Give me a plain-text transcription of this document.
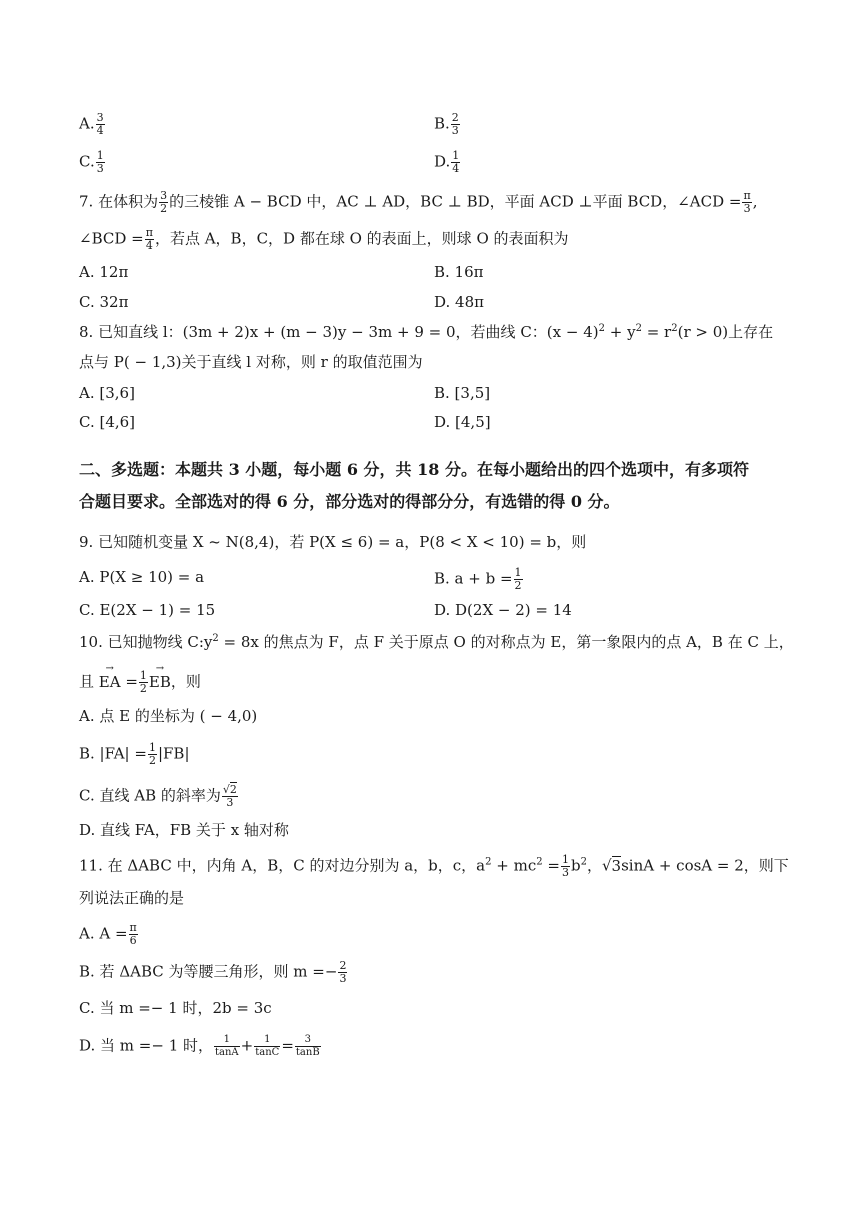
A. $\frac{3}{4}$	B. $\frac{2}{3}$
C. $\frac{1}{3}$	D. $\frac{1}{4}$
7. 在体积为 $\frac{3}{2}$ 的三棱锥 A − BCD 中，AC ⊥ AD，BC ⊥ BD，平面 ACD ⊥平面 BCD，∠ACD = $\frac{\pi}{3}$ ,
∠BCD = $\frac{\pi}{4}$ ，若点 A，B，C，D 都在球 O 的表面上，则球 O 的表面积为
A. 12π	B. 16π
C. 32π	D. 48π
8. 已知直线 l：(3m + 2)x + (m − 3)y − 3m + 9 = 0，若曲线 C：$(x - 4)^2 + y^2 = r^2(r > 0)$上存在
点与 P( − 1,3)关于直线 l 对称，则 r 的取值范围为
A. [3,6]	B. [3,5]
C. [4,6]	D. [4,5]
二、多选题：本题共 3 小题，每小题 6 分，共 18 分。在每小题给出的四个选项中，有多项符
合题目要求。全部选对的得 6 分，部分选对的得部分分，有选错的得 0 分。
9. 已知随机变量 X ~ N(8,4)，若 P(X ≤ 6) = a，P(8 < X < 10) = b，则
A. P(X ≥ 10) = a	B. $a + b = \frac{1}{2}$
C. E(2X − 1) = 15	D. D(2X − 2) = 14
10. 已知抛物线 $C:y^2 = 8x$ 的焦点为 F，点 F 关于原点 O 的对称点为 E，第一象限内的点 A，B 在 C 上，
且 → EA = $\frac{1}{2}$
→ EB，则
A. 点 E 的坐标为 ( − 4,0)
B. $|FA| = \frac{1}{2} |FB|$
C. 直线 AB 的斜率为 $\frac{√2}{3}$
D. 直线 FA，FB 关于 x 轴对称
11. 在 ΔABC 中，内角 A，B，C 的对边分别为 a，b，c，$a^2 + mc^2 = \frac{1}{3} b^2$，√3sinA + cosA = 2，则下
列说法正确的是
A. $A = \frac{\pi}{6}$
B. 若 ΔABC 为等腰三角形，则 $m =- \frac{2}{3}$
C. 当 m =− 1 时，2b = 3c
D. 当 m =− 1 时， $\frac{1}{\tan A} + \frac{1}{\tan C} = \frac{3}{\tan B}$
